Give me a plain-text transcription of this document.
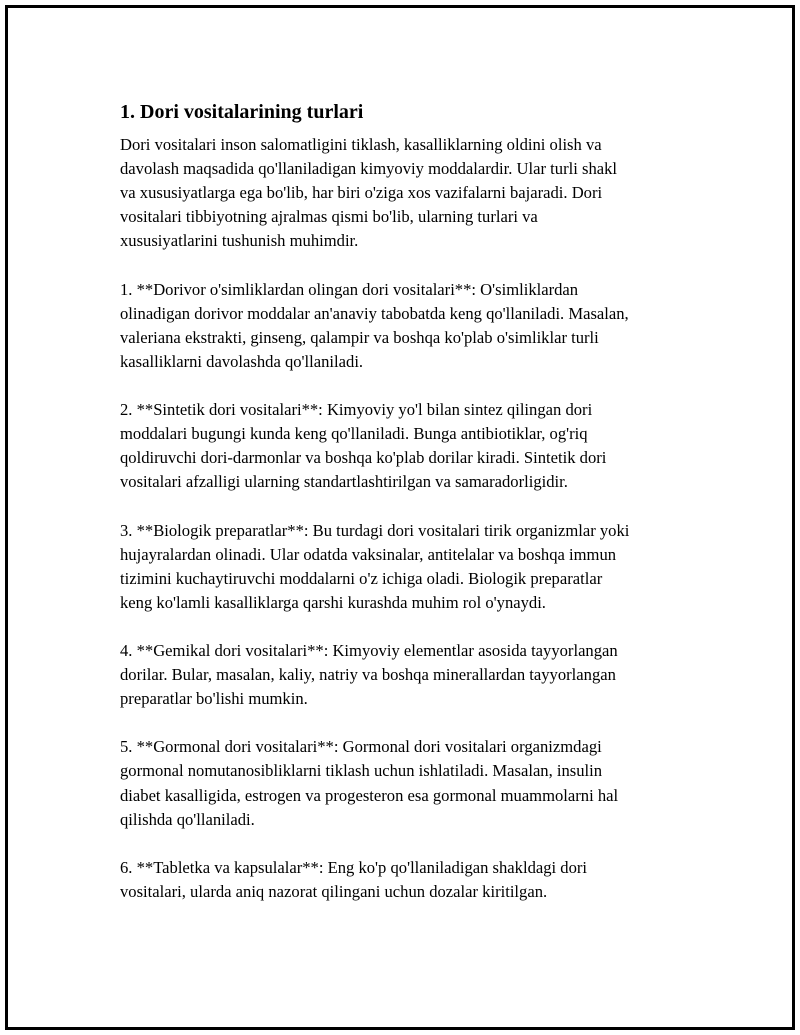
1. Dori vositalarining turlari

Dori vositalari inson salomatligini tiklash, kasalliklarning oldini olish va
davolash maqsadida qo'llaniladigan kimyoviy moddalardir. Ular turli shakl
va xususiyatlarga ega bo'lib, har biri o'ziga xos vazifalarni bajaradi. Dori
vositalari tibbiyotning ajralmas qismi bo'lib, ularning turlari va
xususiyatlarini tushunish muhimdir.

1. **Dorivor o'simliklardan olingan dori vositalari**: O'simliklardan
olinadigan dorivor moddalar an'anaviy tabobatda keng qo'llaniladi. Masalan,
valeriana ekstrakti, ginseng, qalampir va boshqa ko'plab o'simliklar turli
kasalliklarni davolashda qo'llaniladi.

2. **Sintetik dori vositalari**: Kimyoviy yo'l bilan sintez qilingan dori
moddalari bugungi kunda keng qo'llaniladi. Bunga antibiotiklar, og'riq
qoldiruvchi dori-darmonlar va boshqa ko'plab dorilar kiradi. Sintetik dori
vositalari afzalligi ularning standartlashtirilgan va samaradorligidir.

3. **Biologik preparatlar**: Bu turdagi dori vositalari tirik organizmlar yoki
hujayralardan olinadi. Ular odatda vaksinalar, antitelalar va boshqa immun
tizimini kuchaytiruvchi moddalarni o'z ichiga oladi. Biologik preparatlar
keng ko'lamli kasalliklarga qarshi kurashda muhim rol o'ynaydi.

4. **Gemikal dori vositalari**: Kimyoviy elementlar asosida tayyorlangan
dorilar. Bular, masalan, kaliy, natriy va boshqa minerallardan tayyorlangan
preparatlar bo'lishi mumkin.

5. **Gormonal dori vositalari**: Gormonal dori vositalari organizmdagi
gormonal nomutanosibliklarni tiklash uchun ishlatiladi. Masalan, insulin
diabet kasalligida, estrogen va progesteron esa gormonal muammolarni hal
qilishda qo'llaniladi.

6. **Tabletka va kapsulalar**: Eng ko'p qo'llaniladigan shakldagi dori
vositalari, ularda aniq nazorat qilingani uchun dozalar kiritilgan.
